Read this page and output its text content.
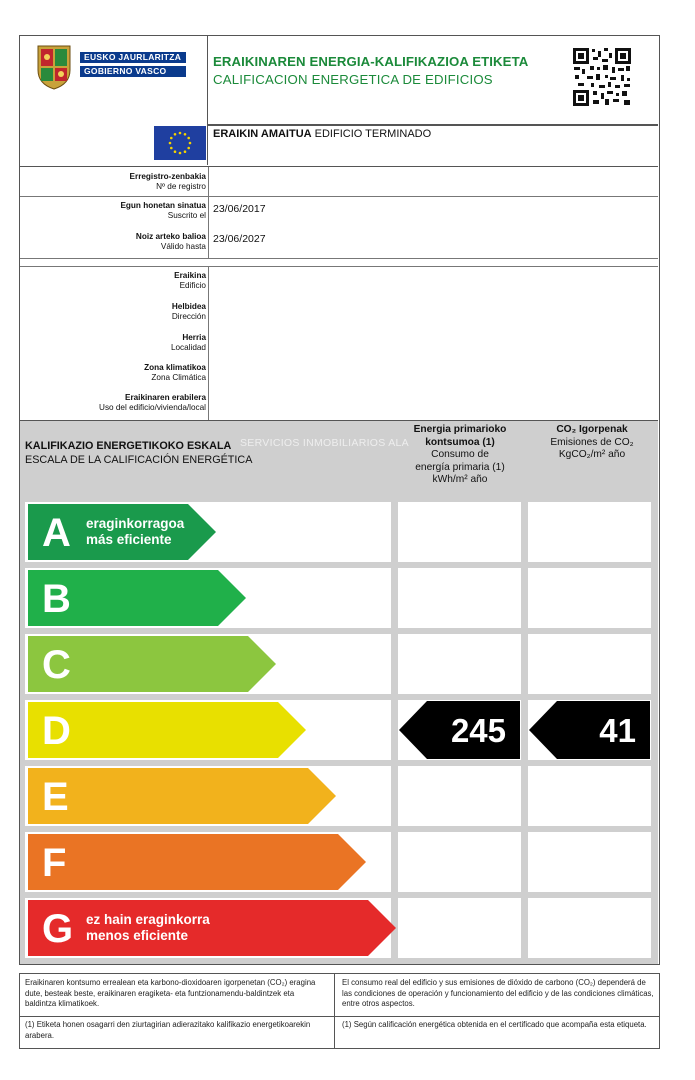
EUSKO JAURLARITZA
GOBIERNO VASCO
ERAIKINAREN ENERGIA-KALIFIKAZIOA ETIKETA
CALIFICACION ENERGETICA DE EDIFICIOS
ERAIKIN AMAITUA EDIFICIO TERMINADO
Erregistro-zenbakia
Nº de registro
Egun honetan sinatua
Suscrito el
23/06/2017
Noiz arteko balioa
Válido hasta
23/06/2027
Eraikina
Edificio
Helbidea
Dirección
Herria
Localidad
Zona klimatikoa
Zona Climática
Eraikinaren erabilera
Uso del edificio/vivienda/local
KALIFIKAZIO ENERGETIKOKO ESKALA
ESCALA DE LA CALIFICACIÓN ENERGÉTICA
SERVICIOS INMOBILIARIOS ALA
Energia primarioko
kontsumoa (1)
Consumo de
energía primaria (1)
kWh/m² año
CO₂ Igorpenak
Emisiones de CO₂
KgCO₂/m² año
A eraginkorragoa
más eficiente
B
C
D	245	41
E
F
G ez hain eraginkorra
menos eficiente
Eraikinaren kontsumo errealean eta karbono-dioxidoaren igorpenetan (CO₂) eragina dute, besteak beste, eraikinaren eragiketa- eta funtzionamendu-baldintzek eta baldintza klimatikoek.
El consumo real del edificio y sus emisiones de dióxido de carbono (CO₂) dependerá de las condiciones de operación y funcionamiento del edificio y de las condiciones climáticas, entre otros aspectos.
(1) Etiketa honen osagarri den ziurtagirian adierazitako kalifikazio energetikoarekin arabera.
(1) Según calificación energética obtenida en el certificado que acompaña esta etiqueta.
